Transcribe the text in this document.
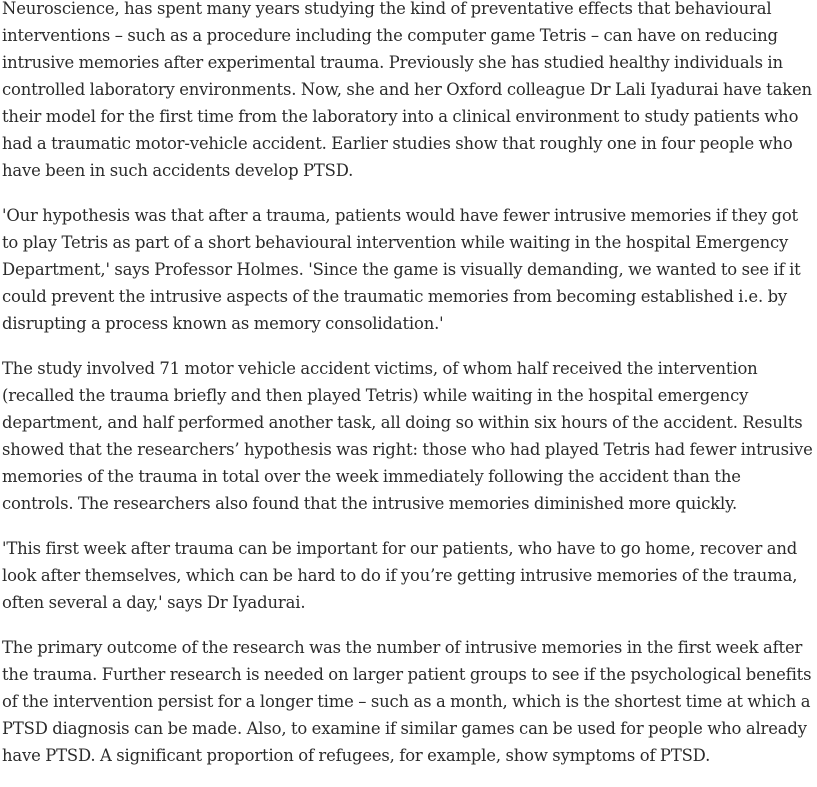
Neuroscience, has spent many years studying the kind of preventative effects that behavioural interventions – such as a procedure including the computer game Tetris – can have on reducing intrusive memories after experimental trauma. Previously she has studied healthy individuals in controlled laboratory environments. Now, she and her Oxford colleague Dr Lali Iyadurai have taken their model for the first time from the laboratory into a clinical environment to study patients who had a traumatic motor-vehicle accident. Earlier studies show that roughly one in four people who have been in such accidents develop PTSD.

'Our hypothesis was that after a trauma, patients would have fewer intrusive memories if they got to play Tetris as part of a short behavioural intervention while waiting in the hospital Emergency Department,' says Professor Holmes. 'Since the game is visually demanding, we wanted to see if it could prevent the intrusive aspects of the traumatic memories from becoming established i.e. by disrupting a process known as memory consolidation.'

The study involved 71 motor vehicle accident victims, of whom half received the intervention (recalled the trauma briefly and then played Tetris) while waiting in the hospital emergency department, and half performed another task, all doing so within six hours of the accident. Results showed that the researchers’ hypothesis was right: those who had played Tetris had fewer intrusive memories of the trauma in total over the week immediately following the accident than the controls. The researchers also found that the intrusive memories diminished more quickly.

'This first week after trauma can be important for our patients, who have to go home, recover and look after themselves, which can be hard to do if you’re getting intrusive memories of the trauma, often several a day,' says Dr Iyadurai.

The primary outcome of the research was the number of intrusive memories in the first week after the trauma. Further research is needed on larger patient groups to see if the psychological benefits of the intervention persist for a longer time – such as a month, which is the shortest time at which a PTSD diagnosis can be made. Also, to examine if similar games can be used for people who already have PTSD. A significant proportion of refugees, for example, show symptoms of PTSD.
